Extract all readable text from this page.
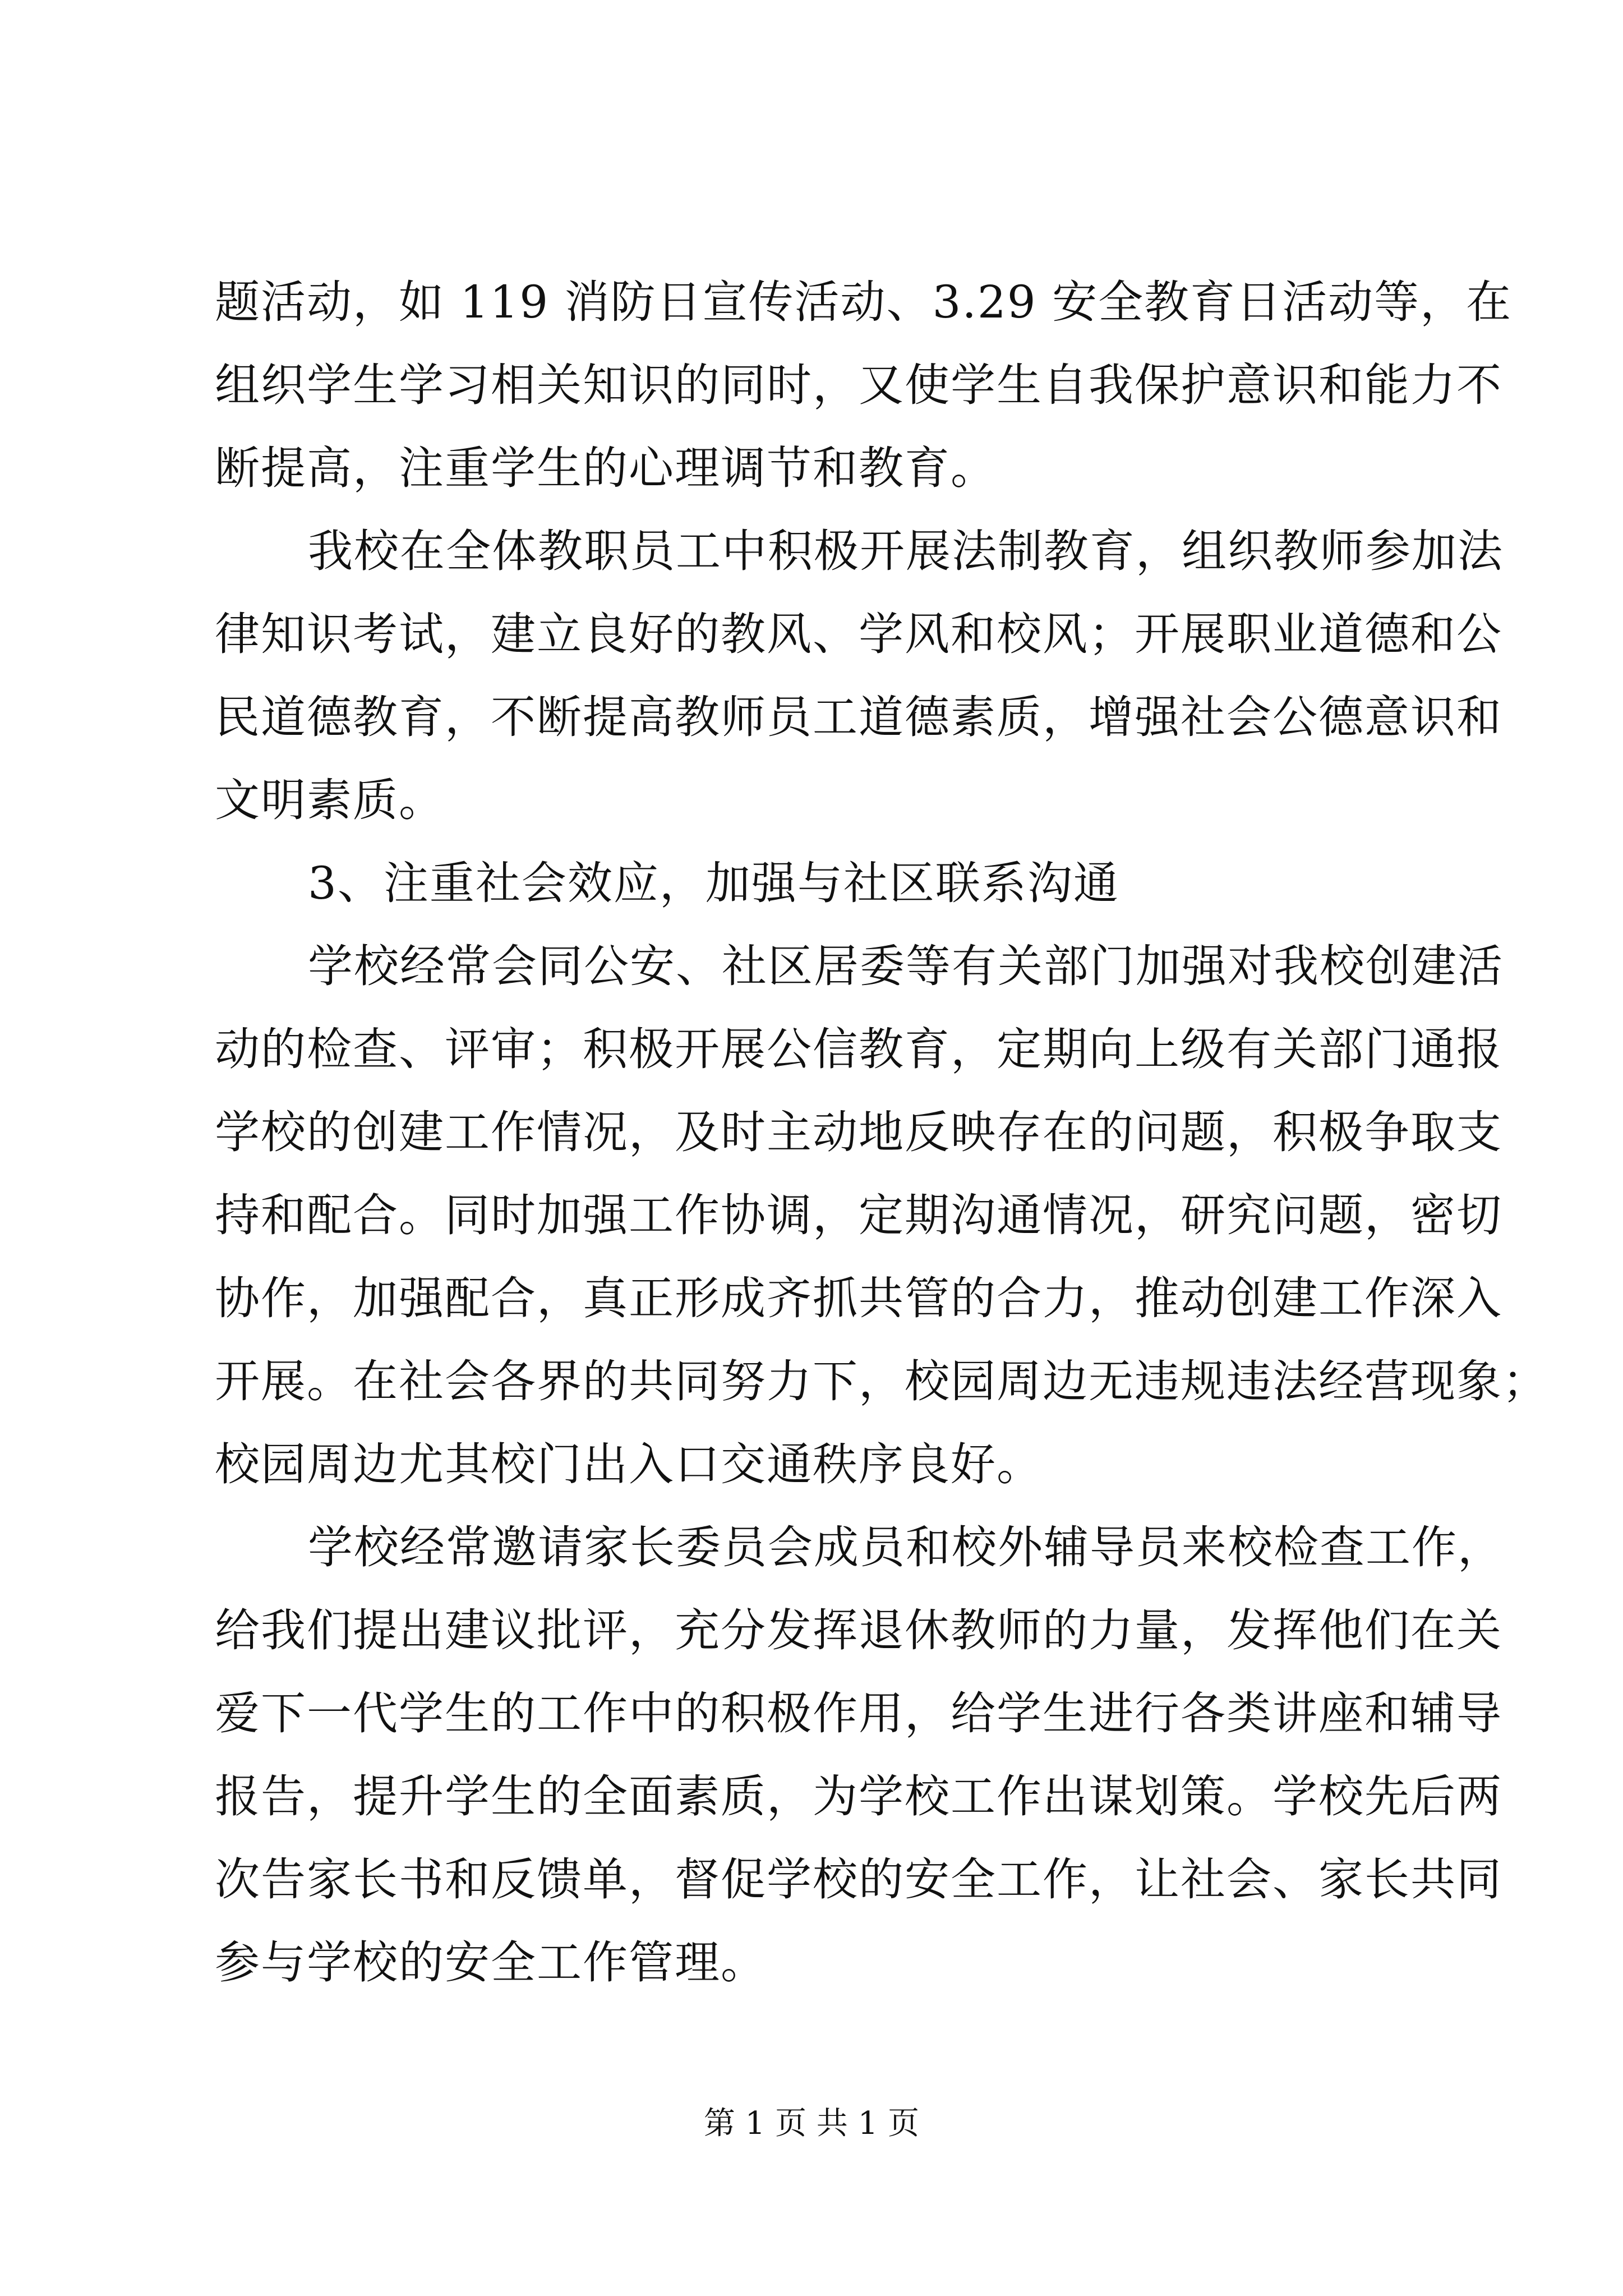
题活动，如 119 消防日宣传活动、3.29 安全教育日活动等，在
组织学生学习相关知识的同时，又使学生自我保护意识和能力不
断提高，注重学生的心理调节和教育。
我校在全体教职员工中积极开展法制教育，组织教师参加法
律知识考试，建立良好的教风、学风和校风；开展职业道德和公
民道德教育，不断提高教师员工道德素质，增强社会公德意识和
文明素质。
3、注重社会效应，加强与社区联系沟通
学校经常会同公安、社区居委等有关部门加强对我校创建活
动的检查、评审；积极开展公信教育，定期向上级有关部门通报
学校的创建工作情况，及时主动地反映存在的问题，积极争取支
持和配合。同时加强工作协调，定期沟通情况，研究问题，密切
协作，加强配合，真正形成齐抓共管的合力，推动创建工作深入
开展。在社会各界的共同努力下，校园周边无违规违法经营现象；
校园周边尤其校门出入口交通秩序良好。
学校经常邀请家长委员会成员和校外辅导员来校检查工作，
给我们提出建议批评，充分发挥退休教师的力量，发挥他们在关
爱下一代学生的工作中的积极作用，给学生进行各类讲座和辅导
报告，提升学生的全面素质，为学校工作出谋划策。学校先后两
次告家长书和反馈单，督促学校的安全工作，让社会、家长共同
参与学校的安全工作管理。
第 1 页 共 1 页
